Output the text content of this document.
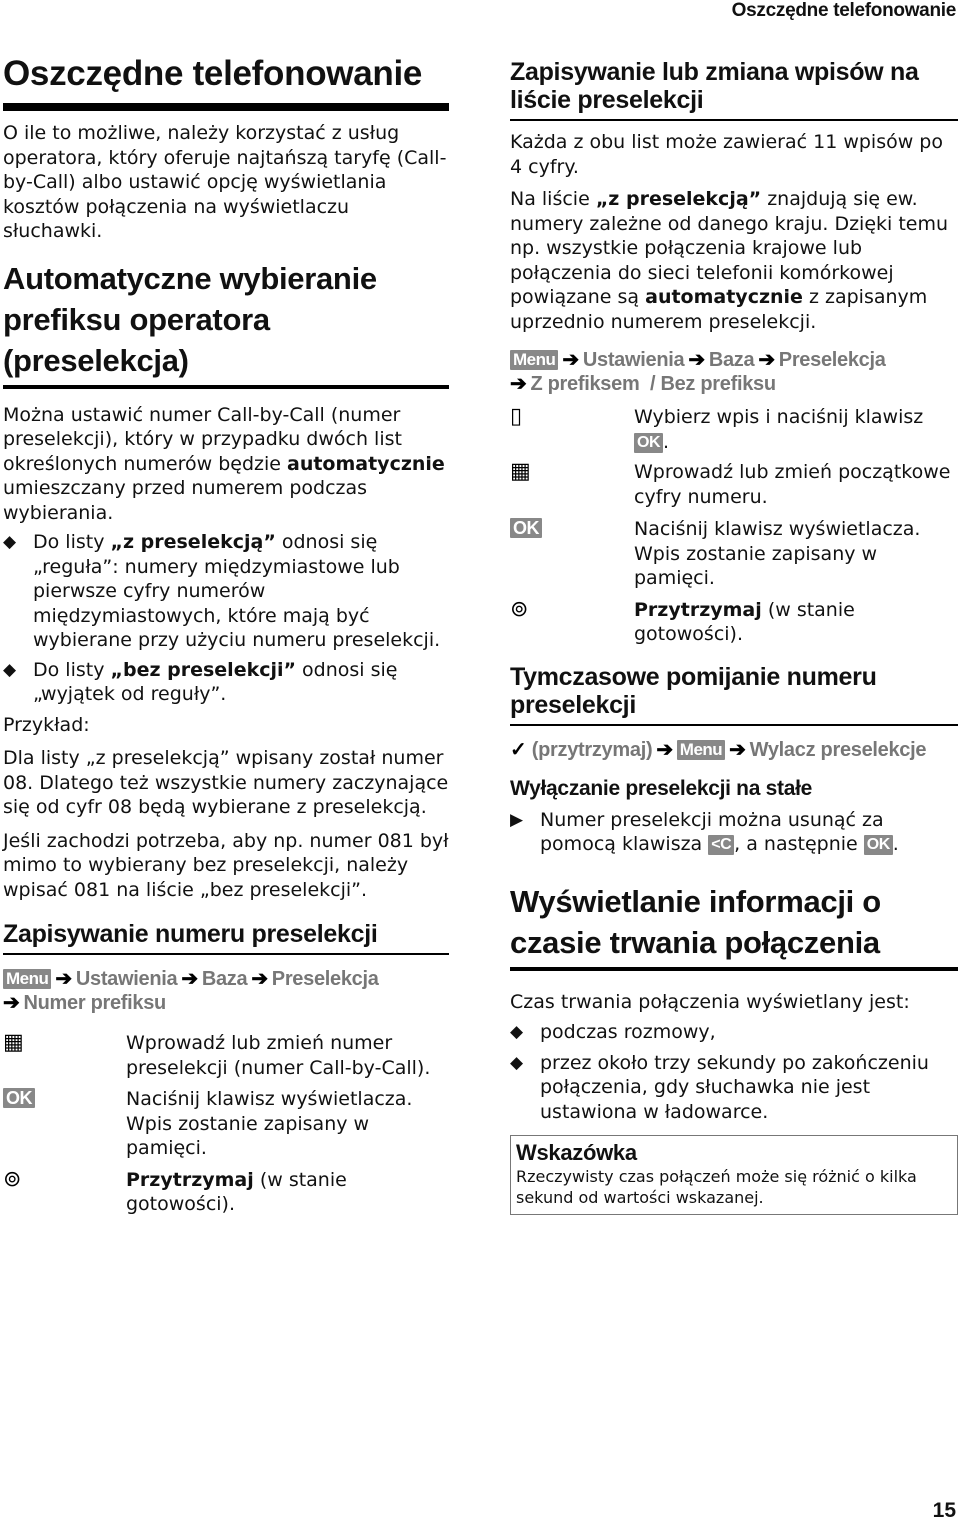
Oszczędne telefonowanie
Oszczędne telefonowanie

O ile to możliwe, należy korzystać z usług operatora, który oferuje najtańszą taryfę (Call-by-Call) albo ustawić opcję wyświetlania kosztów połączenia na wyświetlaczu słuchawki.

Automatyczne wybieranie prefiksu operatora (preselekcja)

Można ustawić numer Call-by-Call (numer preselekcji), który w przypadku dwóch list określonych numerów będzie automatycznie umieszczany przed numerem podczas wybierania.

◆ Do listy „z preselekcją” odnosi się „reguła”: numery międzymiastowe lub pierwsze cyfry numerów międzymiastowych, które mają być wybierane przy użyciu numeru preselekcji.
◆ Do listy „bez preselekcji” odnosi się „wyjątek od reguły”.

Przykład:

Dla listy „z preselekcją” wpisany został numer 08. Dlatego też wszystkie numery zaczynające się od cyfr 08 będą wybierane z preselekcją.

Jeśli zachodzi potrzeba, aby np. numer 081 był mimo to wybierany bez preselekcji, należy wpisać 081 na liście „bez preselekcji”.

Zapisywanie numeru preselekcji
Menu ➔ Ustawienia ➔ Baza ➔ Preselekcja
➔ Numer prefiksu
▦	Wprowadź lub zmień numer preselekcji (numer Call-by-Call).
OK	Naciśnij klawisz wyświetlacza. Wpis zostanie zapisany w pamięci.
⊚	Przytrzymaj (w stanie gotowości).
Zapisywanie lub zmiana wpisów na liście preselekcji

Każda z obu list może zawierać 11 wpisów po 4 cyfry.

Na liście „z preselekcją” znajdują się ew. numery zależne od danego kraju. Dzięki temu np. wszystkie połączenia krajowe lub połączenia do sieci telefonii komórkowej powiązane są automatycznie z zapisanym uprzednio numerem preselekcji.

Menu ➔ Ustawienia ➔ Baza ➔ Preselekcja
➔ Z prefiksem / Bez prefiksu
▯	Wybierz wpis i naciśnij klawisz OK .
▦	Wprowadź lub zmień początkowe cyfry numeru.
OK	Naciśnij klawisz wyświetlacza. Wpis zostanie zapisany w pamięci.
⊚	Przytrzymaj (w stanie gotowości).
Tymczasowe pomijanie numeru preselekcji
✓ (przytrzymaj) ➔ Menu ➔ Wylacz preselekcje
Wyłączanie preselekcji na stałe
▶ Numer preselekcji można usunąć za pomocą klawisza <C , a następnie OK .
Wyświetlanie informacji o czasie trwania połączenia

Czas trwania połączenia wyświetlany jest:

◆ podczas rozmowy,
◆ przez około trzy sekundy po zakończeniu połączenia, gdy słuchawka nie jest ustawiona w ładowarce.
Wskazówka
Rzeczywisty czas połączeń może się różnić o kilka sekund od wartości wskazanej.
15
